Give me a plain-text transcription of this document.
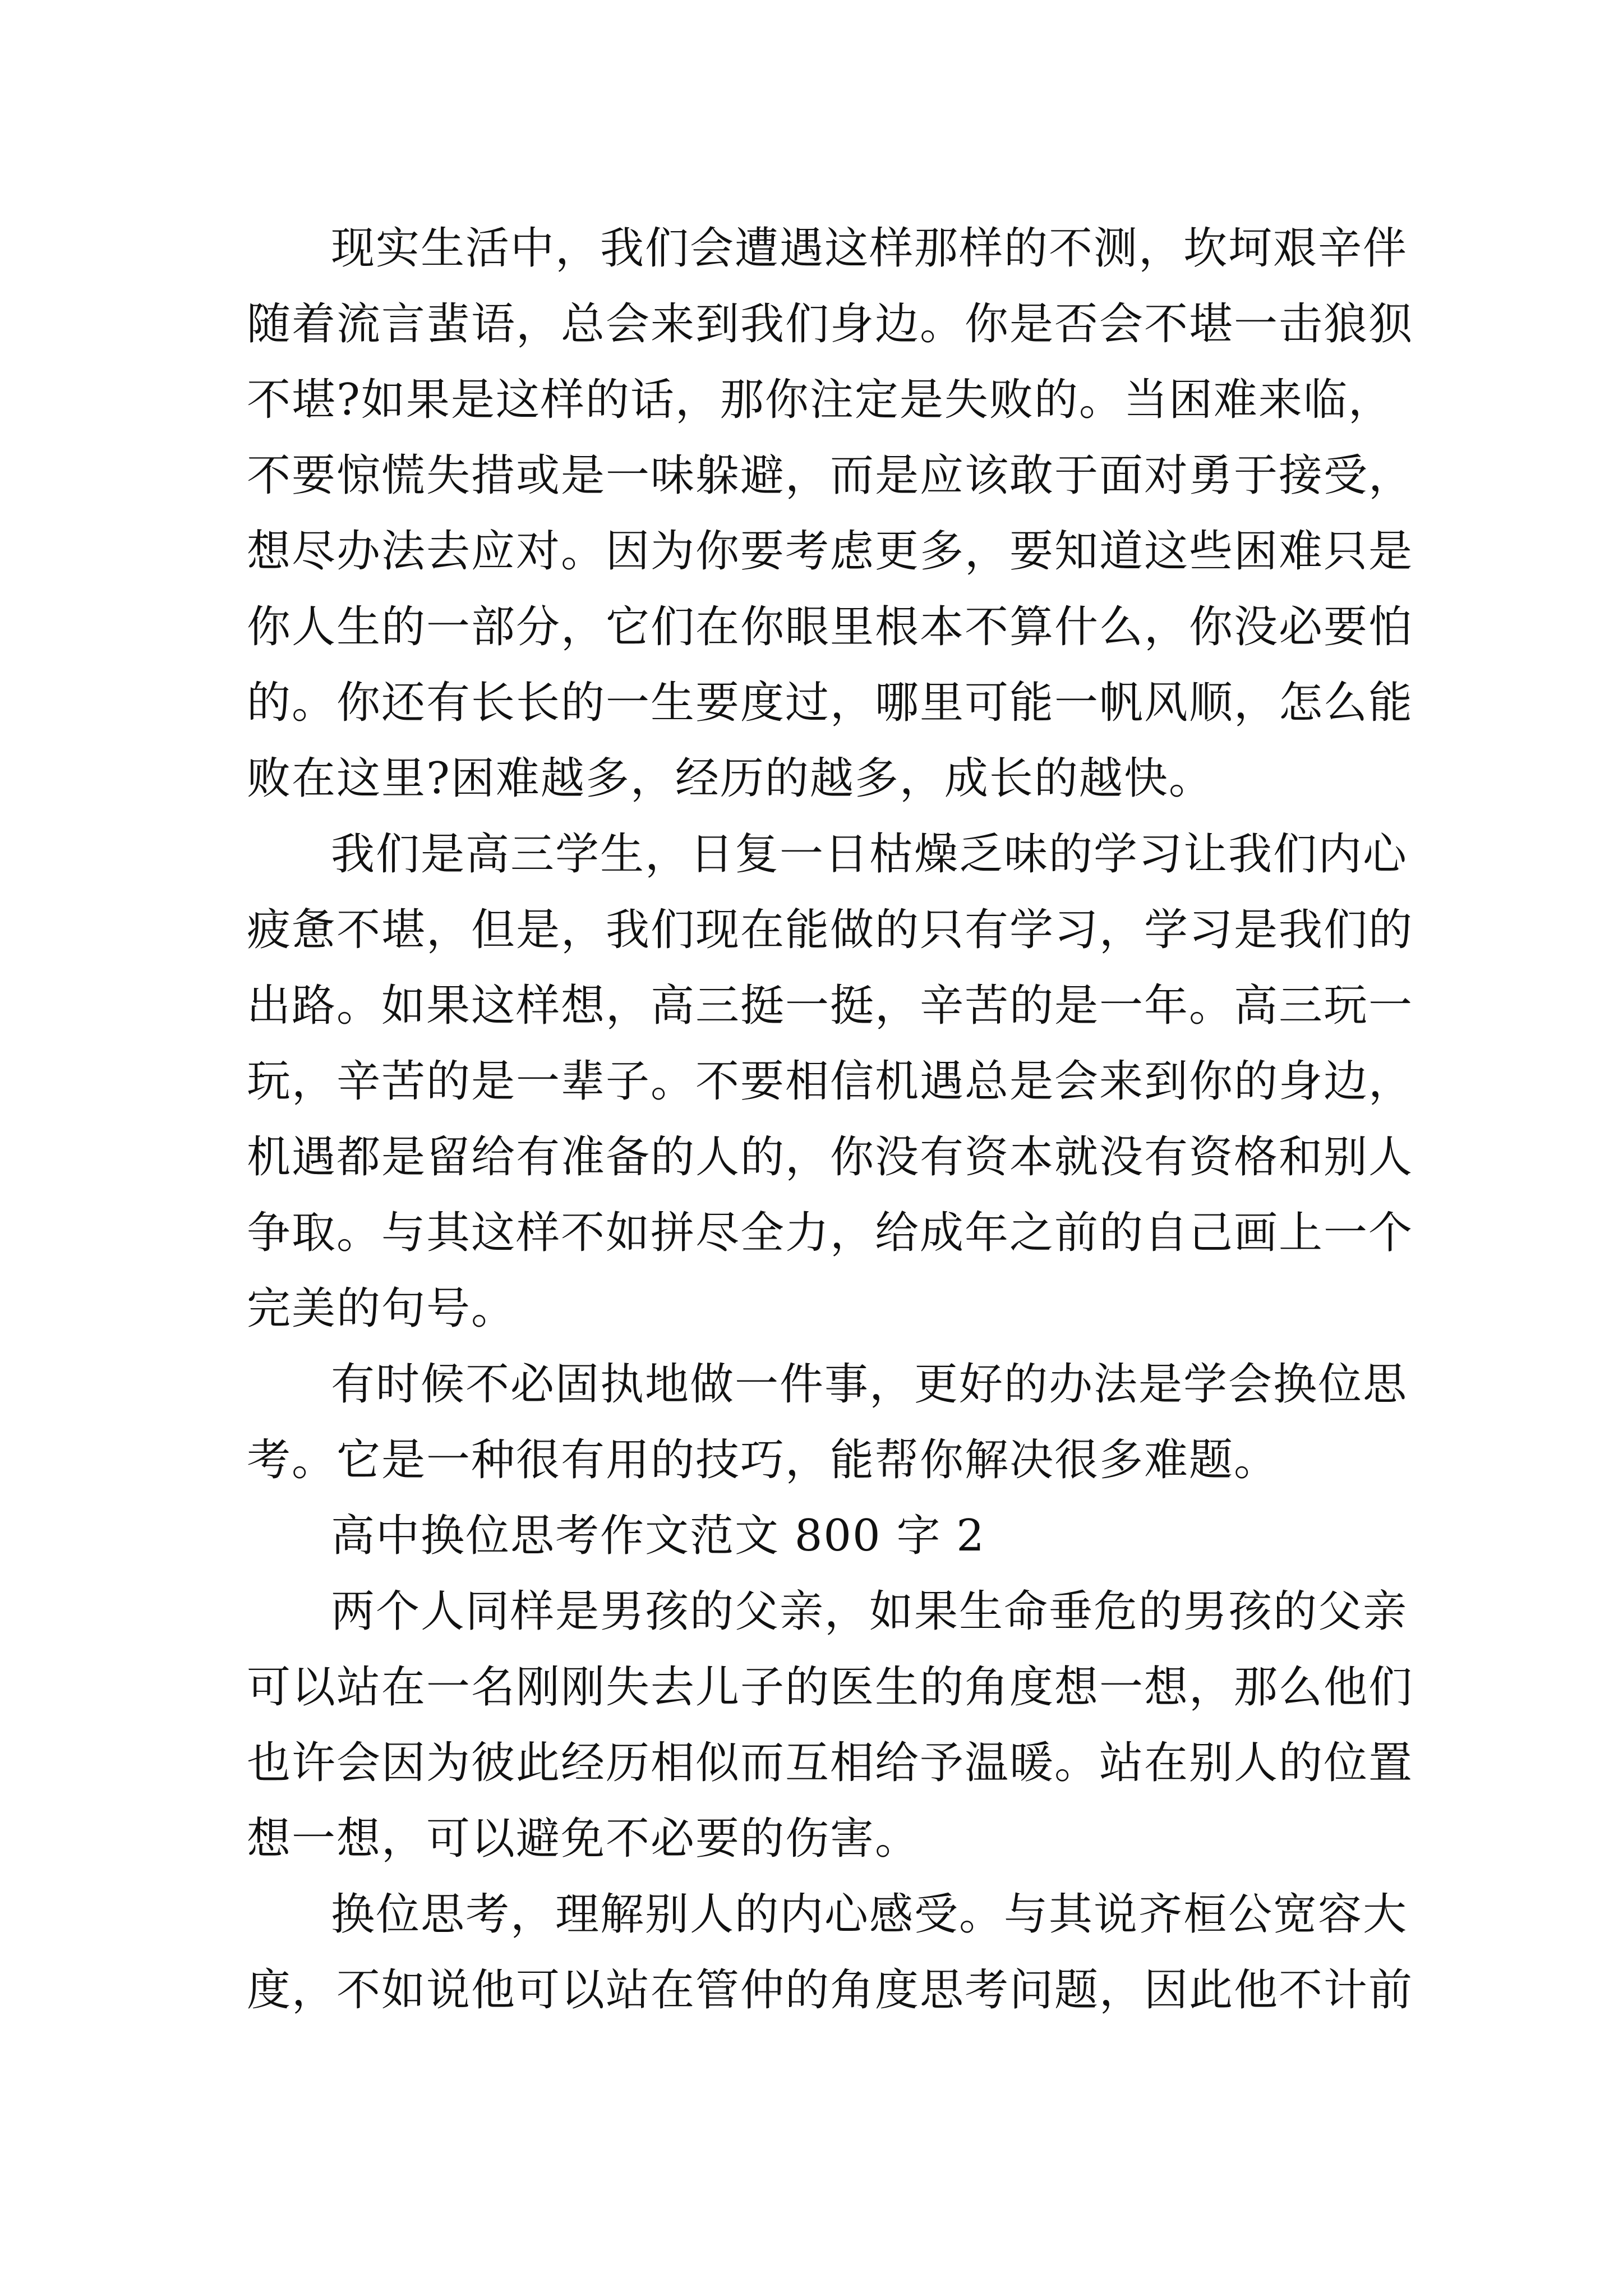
现实生活中，我们会遭遇这样那样的不测，坎坷艰辛伴

随着流言蜚语，总会来到我们身边。你是否会不堪一击狼狈

不堪?如果是这样的话，那你注定是失败的。当困难来临，

不要惊慌失措或是一味躲避，而是应该敢于面对勇于接受，

想尽办法去应对。因为你要考虑更多，要知道这些困难只是

你人生的一部分，它们在你眼里根本不算什么，你没必要怕

的。你还有长长的一生要度过，哪里可能一帆风顺，怎么能

败在这里?困难越多，经历的越多，成长的越快。

我们是高三学生，日复一日枯燥乏味的学习让我们内心

疲惫不堪，但是，我们现在能做的只有学习，学习是我们的

出路。如果这样想，高三挺一挺，辛苦的是一年。高三玩一

玩，辛苦的是一辈子。不要相信机遇总是会来到你的身边，

机遇都是留给有准备的人的，你没有资本就没有资格和别人

争取。与其这样不如拼尽全力，给成年之前的自己画上一个

完美的句号。

有时候不必固执地做一件事，更好的办法是学会换位思

考。它是一种很有用的技巧，能帮你解决很多难题。

高中换位思考作文范文 800 字 2

两个人同样是男孩的父亲，如果生命垂危的男孩的父亲

可以站在一名刚刚失去儿子的医生的角度想一想，那么他们

也许会因为彼此经历相似而互相给予温暖。站在别人的位置

想一想，可以避免不必要的伤害。

换位思考，理解别人的内心感受。与其说齐桓公宽容大

度，不如说他可以站在管仲的角度思考问题，因此他不计前
